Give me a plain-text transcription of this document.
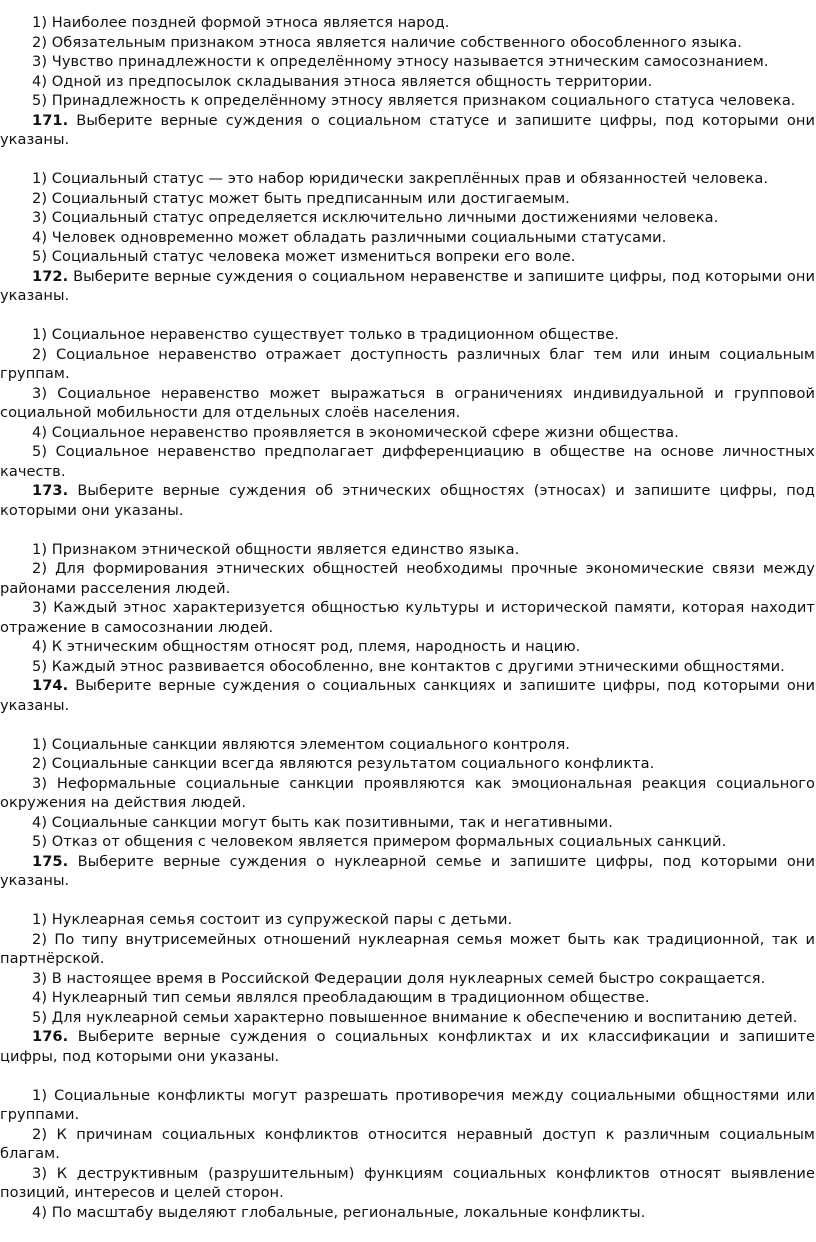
1) Наиболее поздней формой этноса является народ.

2) Обязательным признаком этноса является наличие собственного обособленного языка.

3) Чувство принадлежности к определённому этносу называется этническим самосознанием.

4) Одной из предпосылок складывания этноса является общность территории.

5) Принадлежность к определённому этносу является признаком социального статуса человека.

171. Выберите верные суждения о социальном статусе и запишите цифры, под которыми они указаны.

1) Социальный статус — это набор юридически закреплённых прав и обязанностей человека.

2) Социальный статус может быть предписанным или достигаемым.

3) Социальный статус определяется исключительно личными достижениями человека.

4) Человек одновременно может обладать различными социальными статусами.

5) Социальный статус человека может измениться вопреки его воле.

172. Выберите верные суждения о социальном неравенстве и запишите цифры, под которыми они указаны.

1) Социальное неравенство существует только в традиционном обществе.

2) Социальное неравенство отражает доступность различных благ тем или иным социальным группам.

3) Социальное неравенство может выражаться в ограничениях индивидуальной и групповой социальной мобильности для отдельных слоёв населения.

4) Социальное неравенство проявляется в экономической сфере жизни общества.

5) Социальное неравенство предполагает дифференциацию в обществе на основе личностных качеств.

173. Выберите верные суждения об этнических общностях (этносах) и запишите цифры, под которыми они указаны.

1) Признаком этнической общности является единство языка.

2) Для формирования этнических общностей необходимы прочные экономические связи между районами расселения людей.

3) Каждый этнос характеризуется общностью культуры и исторической памяти, которая находит отражение в самосознании людей.

4) К этническим общностям относят род, племя, народность и нацию.

5) Каждый этнос развивается обособленно, вне контактов с другими этническими общностями.

174. Выберите верные суждения о социальных санкциях и запишите цифры, под которыми они указаны.

1) Социальные санкции являются элементом социального контроля.

2) Социальные санкции всегда являются результатом социального конфликта.

3) Неформальные социальные санкции проявляются как эмоциональная реакция социального окружения на действия людей.

4) Социальные санкции могут быть как позитивными, так и негативными.

5) Отказ от общения с человеком является примером формальных социальных санкций.

175. Выберите верные суждения о нуклеарной семье и запишите цифры, под которыми они указаны.

1) Нуклеарная семья состоит из супружеской пары с детьми.

2) По типу внутрисемейных отношений нуклеарная семья может быть как традиционной, так и партнёрской.

3) В настоящее время в Российской Федерации доля нуклеарных семей быстро сокращается.

4) Нуклеарный тип семьи являлся преобладающим в традиционном обществе.

5) Для нуклеарной семьи характерно повышенное внимание к обеспечению и воспитанию детей.

176. Выберите верные суждения о социальных конфликтах и их классификации и запишите цифры, под которыми они указаны.

1) Социальные конфликты могут разрешать противоречия между социальными общностями или группами.

2) К причинам социальных конфликтов относится неравный доступ к различным социальным благам.

3) К деструктивным (разрушительным) функциям социальных конфликтов относят выявление позиций, интересов и целей сторон.

4) По масштабу выделяют глобальные, региональные, локальные конфликты.
